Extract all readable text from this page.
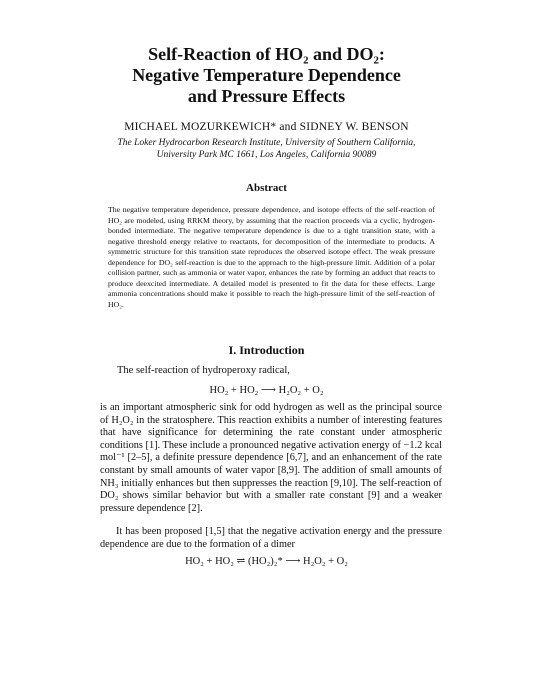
Self-Reaction of HO₂ and DO₂:
Negative Temperature Dependence
and Pressure Effects
MICHAEL MOZURKEWICH* and SIDNEY W. BENSON
The Loker Hydrocarbon Research Institute, University of Southern California,
University Park MC 1661, Los Angeles, California 90089
Abstract
The negative temperature dependence, pressure dependence, and isotope effects of the self-reaction of HO₂ are modeled, using RRKM theory, by assuming that the reaction proceeds via a cyclic, hydrogen-bonded intermediate. The negative temperature dependence is due to a tight transition state, with a negative threshold energy relative to reactants, for decomposition of the intermediate to products. A symmetric structure for this transition state reproduces the observed isotope effect. The weak pressure dependence for DO₂ self-reaction is due to the approach to the high-pressure limit. Addition of a polar collision partner, such as ammonia or water vapor, enhances the rate by forming an adduct that reacts to produce deexcited intermediate. A detailed model is presented to fit the data for these effects. Large ammonia concentrations should make it possible to reach the high-pressure limit of the self-reaction of HO₂.
I. Introduction
The self-reaction of hydroperoxy radical,
HO₂ + HO₂ ⟶ H₂O₂ + O₂
is an important atmospheric sink for odd hydrogen as well as the principal source of H₂O₂ in the stratosphere. This reaction exhibits a number of interesting features that have significance for determining the rate constant under atmospheric conditions [1]. These include a pronounced negative activation energy of −1.2 kcal mol⁻¹ [2–5], a definite pressure dependence [6,7], and an enhancement of the rate constant by small amounts of water vapor [8,9]. The addition of small amounts of NH₃ initially enhances but then suppresses the reaction [9,10]. The self-reaction of DO₂ shows similar behavior but with a smaller rate constant [9] and a weaker pressure dependence [2].
It has been proposed [1,5] that the negative activation energy and the pressure dependence are due to the formation of a dimer
HO₂ + HO₂ ⇌ (HO₂)₂* ⟶ H₂O₂ + O₂
